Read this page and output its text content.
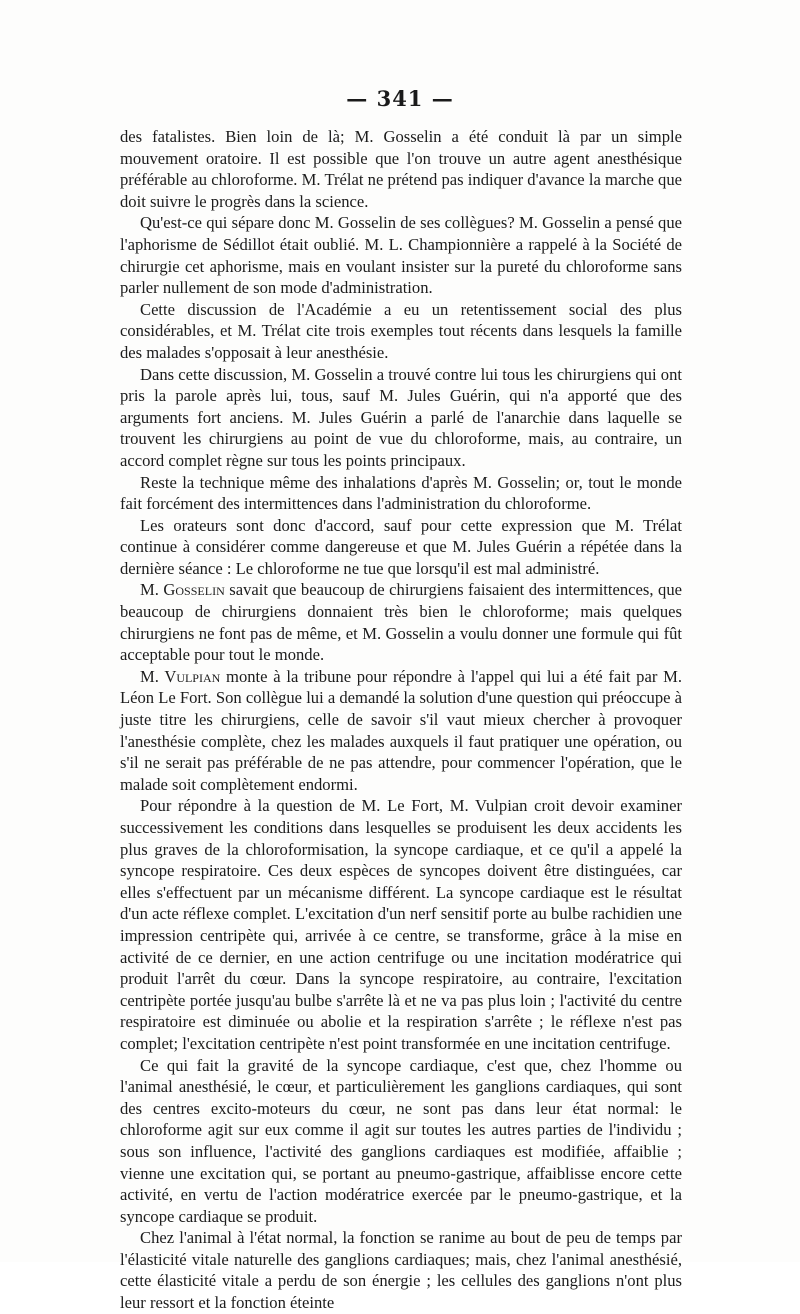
— 341 —

des fatalistes. Bien loin de là; M. Gosselin a été conduit là par un simple mouvement oratoire. Il est possible que l'on trouve un autre agent anesthésique préférable au chloroforme. M. Trélat ne prétend pas indiquer d'avance la marche que doit suivre le progrès dans la science.

Qu'est-ce qui sépare donc M. Gosselin de ses collègues? M. Gosselin a pensé que l'aphorisme de Sédillot était oublié. M. L. Championnière a rappelé à la Société de chirurgie cet aphorisme, mais en voulant insister sur la pureté du chloroforme sans parler nullement de son mode d'administration.

Cette discussion de l'Académie a eu un retentissement social des plus considérables, et M. Trélat cite trois exemples tout récents dans lesquels la famille des malades s'opposait à leur anesthésie.

Dans cette discussion, M. Gosselin a trouvé contre lui tous les chirurgiens qui ont pris la parole après lui, tous, sauf M. Jules Guérin, qui n'a apporté que des arguments fort anciens. M. Jules Guérin a parlé de l'anarchie dans laquelle se trouvent les chirurgiens au point de vue du chloroforme, mais, au contraire, un accord complet règne sur tous les points principaux.

Reste la technique même des inhalations d'après M. Gosselin; or, tout le monde fait forcément des intermittences dans l'administration du chloroforme.

Les orateurs sont donc d'accord, sauf pour cette expression que M. Trélat continue à considérer comme dangereuse et que M. Jules Guérin a répétée dans la dernière séance : Le chloroforme ne tue que lorsqu'il est mal administré.

M. Gosselin savait que beaucoup de chirurgiens faisaient des intermittences, que beaucoup de chirurgiens donnaient très bien le chloroforme; mais quelques chirurgiens ne font pas de même, et M. Gosselin a voulu donner une formule qui fût acceptable pour tout le monde.

M. Vulpian monte à la tribune pour répondre à l'appel qui lui a été fait par M. Léon Le Fort. Son collègue lui a demandé la solution d'une question qui préoccupe à juste titre les chirurgiens, celle de savoir s'il vaut mieux chercher à provoquer l'anesthésie complète, chez les malades auxquels il faut pratiquer une opération, ou s'il ne serait pas préférable de ne pas attendre, pour commencer l'opération, que le malade soit complètement endormi.

Pour répondre à la question de M. Le Fort, M. Vulpian croit devoir examiner successivement les conditions dans lesquelles se produisent les deux accidents les plus graves de la chloroformisation, la syncope cardiaque, et ce qu'il a appelé la syncope respiratoire. Ces deux espèces de syncopes doivent être distinguées, car elles s'effectuent par un mécanisme différent. La syncope cardiaque est le résultat d'un acte réflexe complet. L'excitation d'un nerf sensitif porte au bulbe rachidien une impression centripète qui, arrivée à ce centre, se transforme, grâce à la mise en activité de ce dernier, en une action centrifuge ou une incitation modératrice qui produit l'arrêt du cœur. Dans la syncope respiratoire, au contraire, l'excitation centripète portée jusqu'au bulbe s'arrête là et ne va pas plus loin ; l'activité du centre respiratoire est diminuée ou abolie et la respiration s'arrête ; le réflexe n'est pas complet; l'excitation centripète n'est point transformée en une incitation centrifuge.

Ce qui fait la gravité de la syncope cardiaque, c'est que, chez l'homme ou l'animal anesthésié, le cœur, et particulièrement les ganglions cardiaques, qui sont des centres excito-moteurs du cœur, ne sont pas dans leur état normal: le chloroforme agit sur eux comme il agit sur toutes les autres parties de l'individu ; sous son influence, l'activité des ganglions cardiaques est modifiée, affaiblie ; vienne une excitation qui, se portant au pneumo-gastrique, affaiblisse encore cette activité, en vertu de l'action modératrice exercée par le pneumo-gastrique, et la syncope cardiaque se produit.

Chez l'animal à l'état normal, la fonction se ranime au bout de peu de temps par l'élasticité vitale naturelle des ganglions cardiaques; mais, chez l'animal anesthésié, cette élasticité vitale a perdu de son énergie ; les cellules des ganglions n'ont plus leur ressort et la fonction éteinte
